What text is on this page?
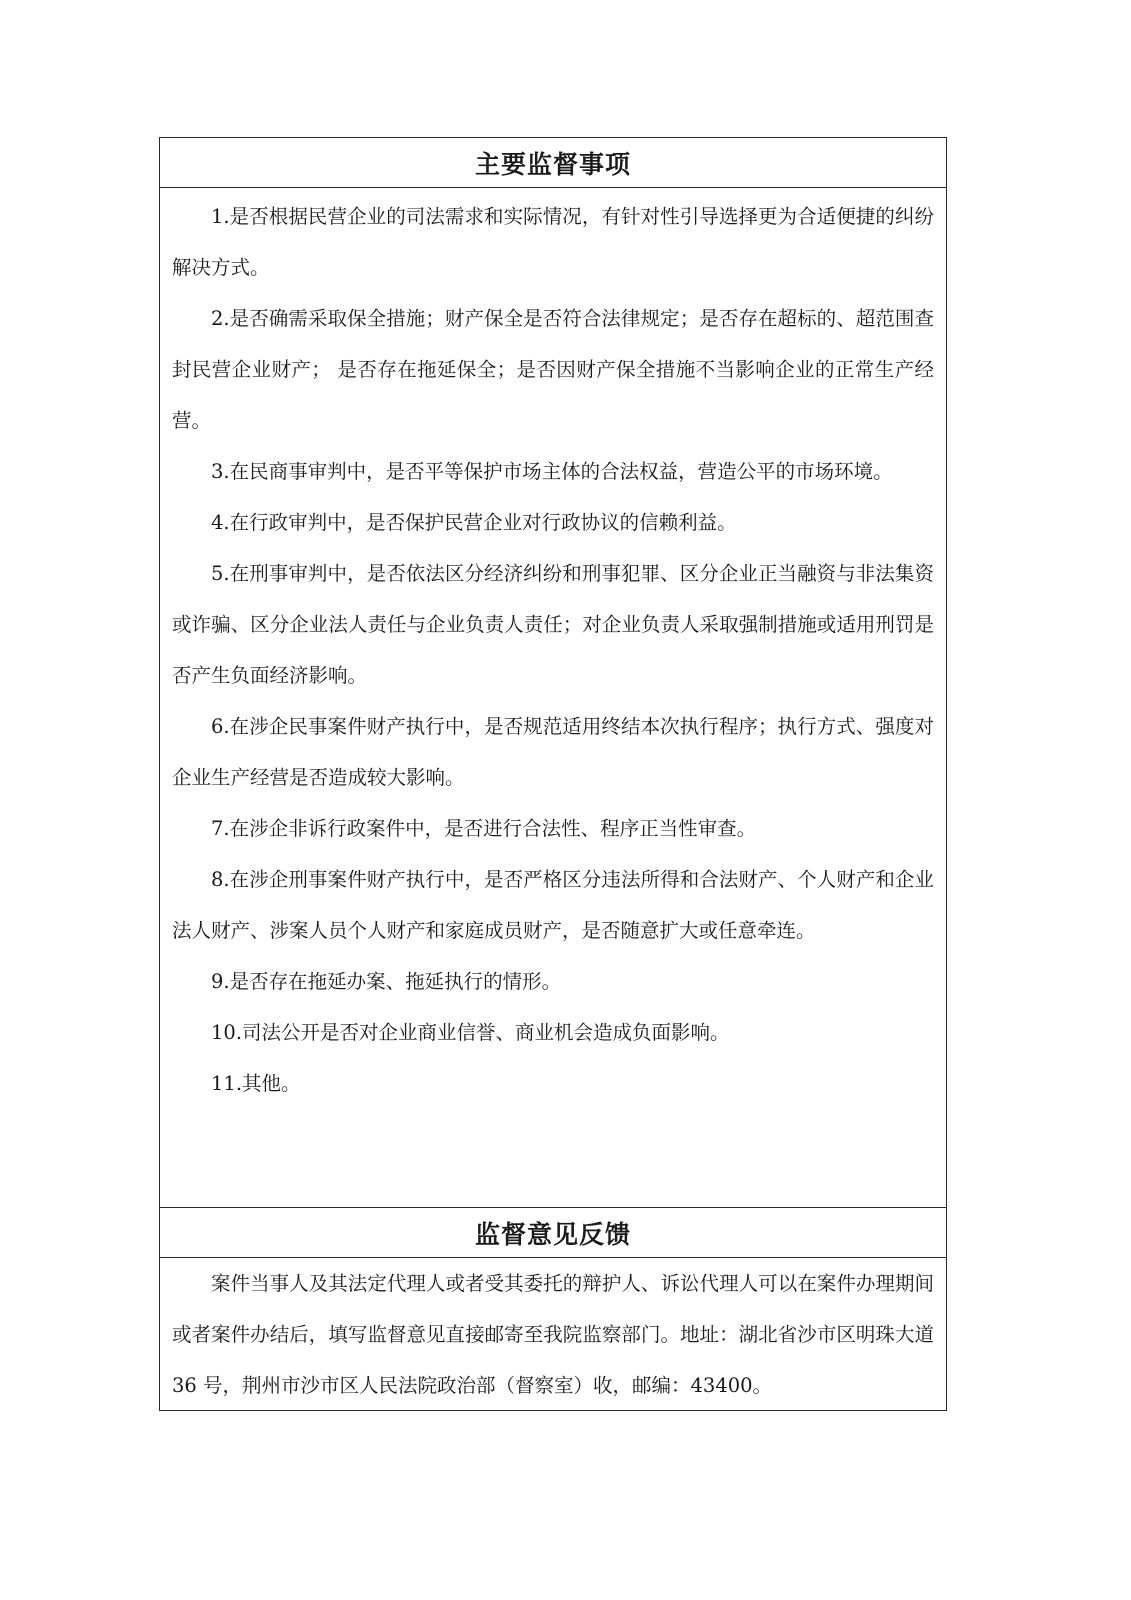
主要监督事项

1.是否根据民营企业的司法需求和实际情况，有针对性引导选择更为合适便捷的纠纷解决方式。

2.是否确需采取保全措施；财产保全是否符合法律规定；是否存在超标的、超范围查封民营企业财产； 是否存在拖延保全；是否因财产保全措施不当影响企业的正常生产经营。

3.在民商事审判中，是否平等保护市场主体的合法权益，营造公平的市场环境。

4.在行政审判中，是否保护民营企业对行政协议的信赖利益。

5.在刑事审判中，是否依法区分经济纠纷和刑事犯罪、区分企业正当融资与非法集资或诈骗、区分企业法人责任与企业负责人责任；对企业负责人采取强制措施或适用刑罚是否产生负面经济影响。

6.在涉企民事案件财产执行中，是否规范适用终结本次执行程序；执行方式、强度对企业生产经营是否造成较大影响。

7.在涉企非诉行政案件中，是否进行合法性、程序正当性审查。

8.在涉企刑事案件财产执行中，是否严格区分违法所得和合法财产、个人财产和企业法人财产、涉案人员个人财产和家庭成员财产，是否随意扩大或任意牵连。

9.是否存在拖延办案、拖延执行的情形。

10.司法公开是否对企业商业信誉、商业机会造成负面影响。

11.其他。

监督意见反馈

案件当事人及其法定代理人或者受其委托的辩护人、诉讼代理人可以在案件办理期间或者案件办结后，填写监督意见直接邮寄至我院监察部门。地址：湖北省沙市区明珠大道 36 号，荆州市沙市区人民法院政治部（督察室）收，邮编：43400。
